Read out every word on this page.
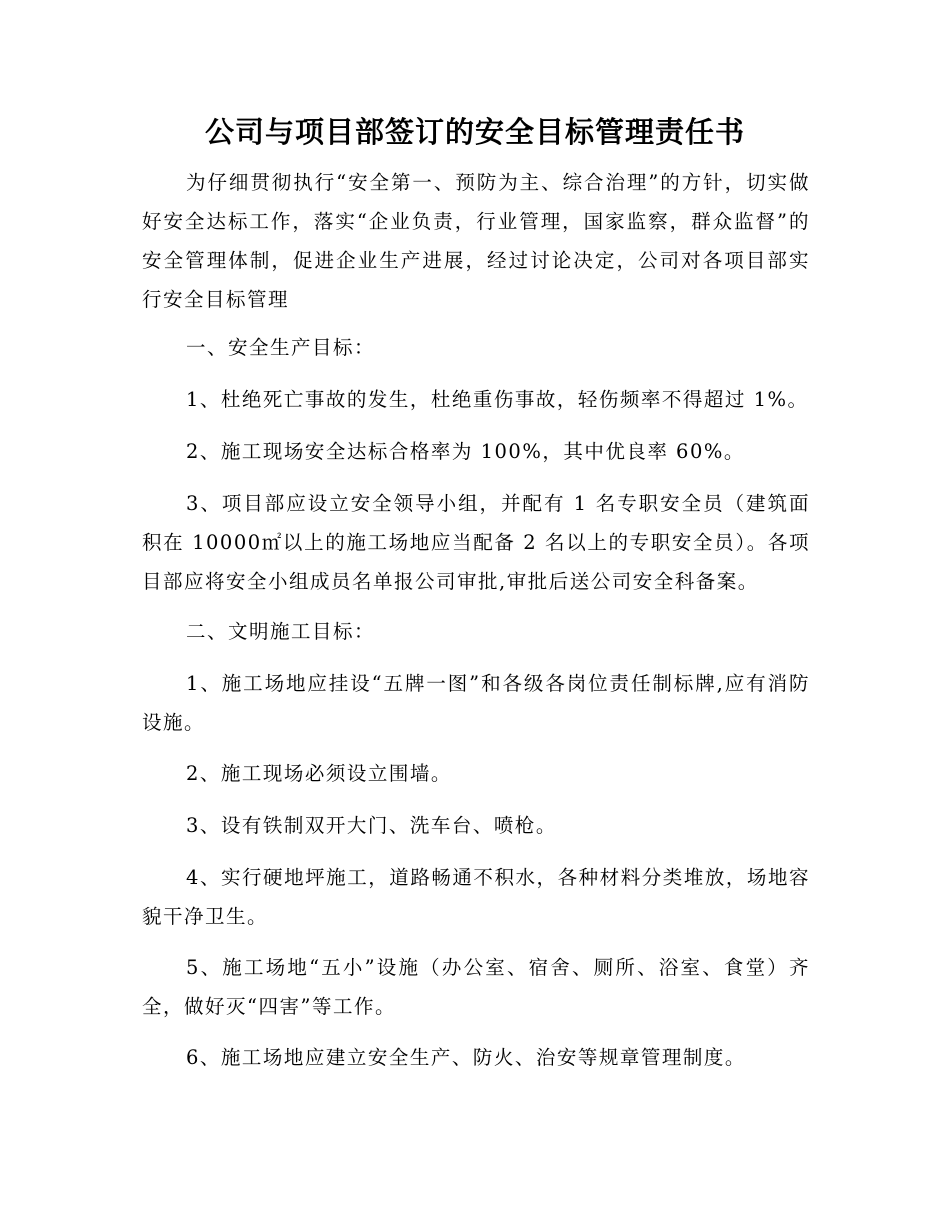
公司与项目部签订的安全目标管理责任书

为仔细贯彻执行“安全第一、预防为主、综合治理”的方针，切实做好安全达标工作，落实“企业负责，行业管理，国家监察，群众监督”的安全管理体制，促进企业生产进展，经过讨论决定，公司对各项目部实行安全目标管理

一、安全生产目标：

1、杜绝死亡事故的发生，杜绝重伤事故，轻伤频率不得超过 1%。

2、施工现场安全达标合格率为 100%，其中优良率 60%。

3、项目部应设立安全领导小组，并配有 1 名专职安全员（建筑面积在 10000㎡以上的施工场地应当配备 2 名以上的专职安全员）。各项目部应将安全小组成员名单报公司审批,审批后送公司安全科备案。

二、文明施工目标：

1、施工场地应挂设“五牌一图”和各级各岗位责任制标牌,应有消防设施。

2、施工现场必须设立围墙。

3、设有铁制双开大门、洗车台、喷枪。

4、实行硬地坪施工，道路畅通不积水，各种材料分类堆放，场地容貌干净卫生。

5、施工场地“五小”设施（办公室、宿舍、厕所、浴室、食堂）齐全，做好灭“四害”等工作。

6、施工场地应建立安全生产、防火、治安等规章管理制度。
